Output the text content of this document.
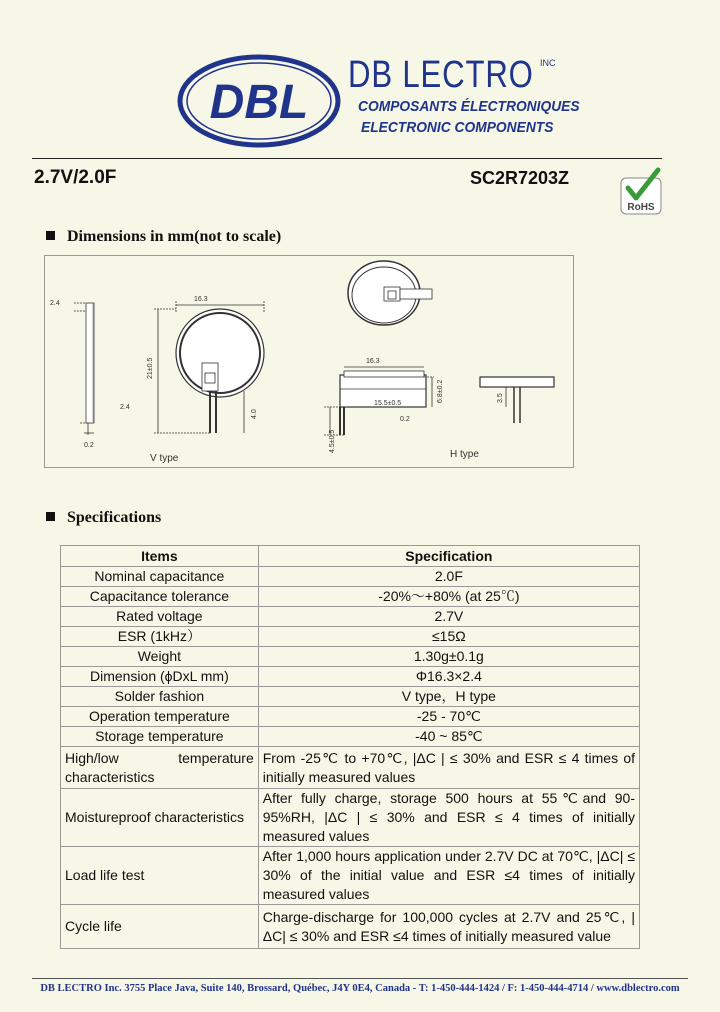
DBL
DB LECTRO INC
COMPOSANTS ÉLECTRONIQUES
ELECTRONIC COMPONENTS
2.7V/2.0F	SC2R7203Z
RoHS
Dimensions in mm(not to scale)
2.4
0.2
16.3
21±0.5
2.4
4.0
V type
16.3
15.5±0.5
6.8±0.2
0.2
4.5±0.5
H type
3.5
Specifications
Items	Specification
Nominal capacitance	2.0F
Capacitance tolerance	-20%～+80% (at 25℃)
Rated voltage	2.7V
ESR (1kHz）	≤15Ω
Weight	1.30g±0.1g
Dimension (ϕDxL mm)	Φ16.3×2.4
Solder fashion	V type，H type
Operation temperature	-25 - 70℃
Storage temperature	-40 ~ 85℃
High/low temperature characteristics	From -25℃ to +70℃, |ΔC | ≤ 30% and ESR ≤ 4 times of initially measured values
Moistureproof characteristics	After fully charge, storage 500 hours at 55℃and 90-95%RH, |ΔC | ≤ 30% and ESR ≤ 4 times of initially measured values
Load life test	After 1,000 hours application under 2.7V DC at 70℃, |ΔC| ≤ 30% of the initial value and ESR ≤4 times of initially measured values
Cycle life	Charge-discharge for 100,000 cycles at 2.7V and 25℃, |ΔC| ≤ 30% and ESR ≤4 times of initially measured value
DB LECTRO Inc. 3755 Place Java, Suite 140, Brossard, Québec, J4Y 0E4, Canada - T: 1-450-444-1424 / F: 1-450-444-4714 / www.dblectro.com
